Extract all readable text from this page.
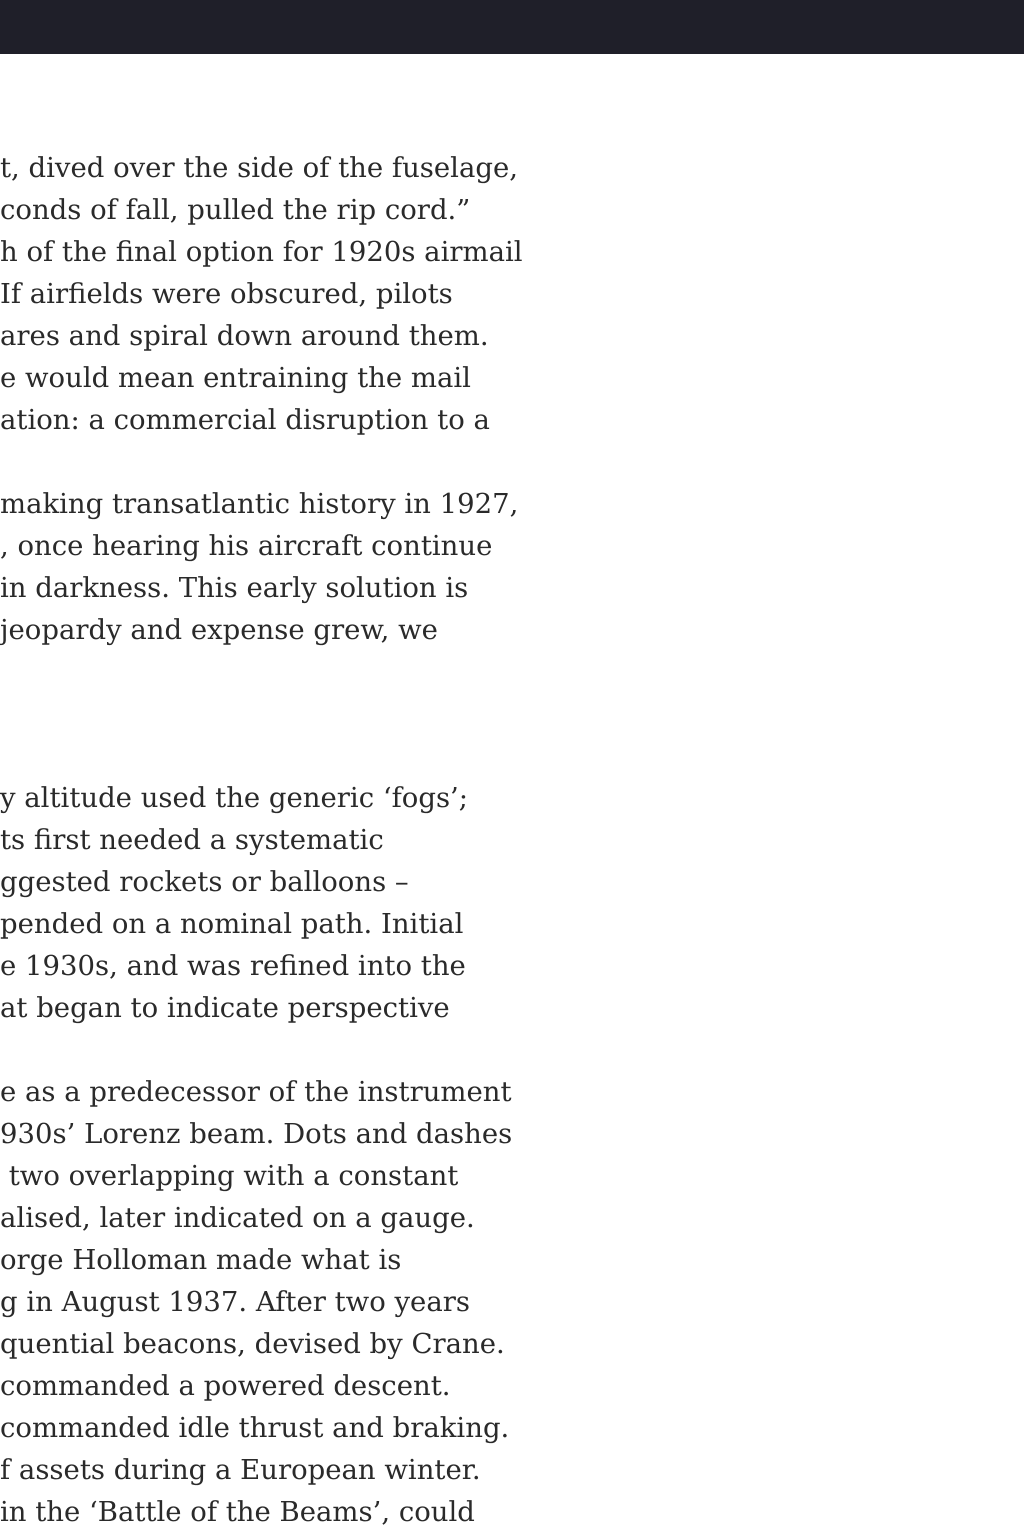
t, dived over the side of the fuselage,

conds of fall, pulled the rip cord.”

h of the final option for 1920s airmail

If airfields were obscured, pilots

ares and spiral down around them.

e would mean entraining the mail

ation: a commercial disruption to a

making transatlantic history in 1927,

, once hearing his aircraft continue

in darkness. This early solution is

jeopardy and expense grew, we

y altitude used the generic ‘fogs’;

ts first needed a systematic

ggested rockets or balloons –

pended on a nominal path. Initial

e 1930s, and was refined into the

at began to indicate perspective

e as a predecessor of the instrument

930s’ Lorenz beam. Dots and dashes

two overlapping with a constant

alised, later indicated on a gauge.

orge Holloman made what is

g in August 1937. After two years

quential beacons, devised by Crane.

commanded a powered descent.

commanded idle thrust and braking.

f assets during a European winter.

in the ‘Battle of the Beams’, could
